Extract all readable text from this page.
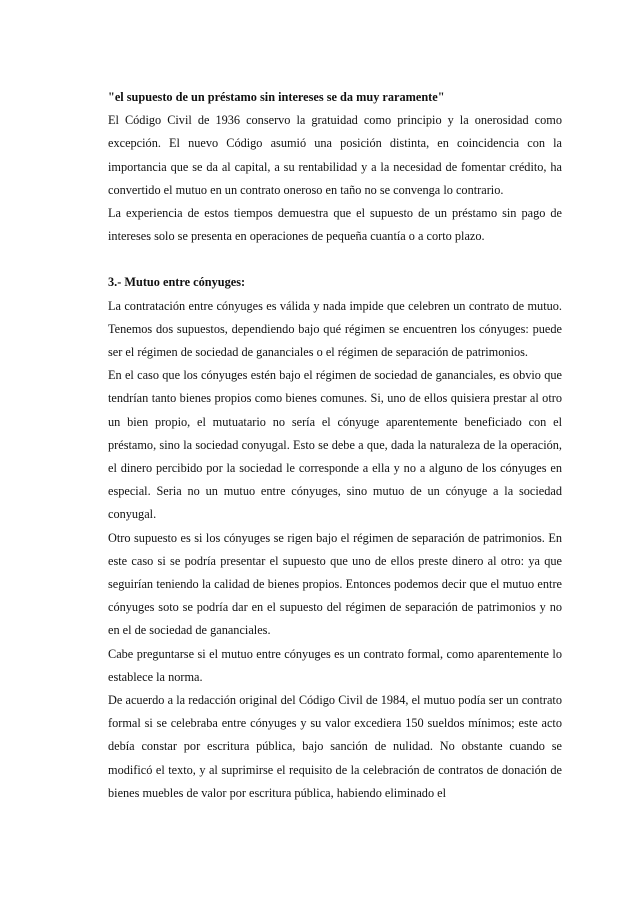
"el supuesto de un préstamo sin intereses se da muy raramente"

El Código Civil de 1936 conservo la gratuidad como principio y la onerosidad como excepción. El nuevo Código asumió una posición distinta, en coincidencia con la importancia que se da al capital, a su rentabilidad y a la necesidad de fomentar crédito, ha convertido el mutuo en un contrato oneroso en taño no se convenga lo contrario.

La experiencia de estos tiempos demuestra que el supuesto de un préstamo sin pago de intereses solo se presenta en operaciones de pequeña cuantía o a corto plazo.

3.- Mutuo entre cónyuges:

La contratación entre cónyuges es válida y nada impide que celebren un contrato de mutuo. Tenemos dos supuestos, dependiendo bajo qué régimen se encuentren los cónyuges: puede ser el régimen de sociedad de gananciales o el régimen de separación de patrimonios.

En el caso que los cónyuges estén bajo el régimen de sociedad de gananciales, es obvio que tendrían tanto bienes propios como bienes comunes. Si, uno de ellos quisiera prestar al otro un bien propio, el mutuatario no sería el cónyuge aparentemente beneficiado con el préstamo, sino la sociedad conyugal. Esto se debe a que, dada la naturaleza de la operación, el dinero percibido por la sociedad le corresponde a ella y no a alguno de los cónyuges en especial. Seria no un mutuo entre cónyuges, sino mutuo de un cónyuge a la sociedad conyugal.

Otro supuesto es si los cónyuges se rigen bajo el régimen de separación de patrimonios. En este caso si se podría presentar el supuesto que uno de ellos preste dinero al otro: ya que seguirían teniendo la calidad de bienes propios. Entonces podemos decir que el mutuo entre cónyuges soto se podría dar en el supuesto del régimen de separación de patrimonios y no en el de sociedad de gananciales.

Cabe preguntarse si el mutuo entre cónyuges es un contrato formal, como aparentemente lo establece la norma.

De acuerdo a la redacción original del Código Civil de 1984, el mutuo podía ser un contrato formal si se celebraba entre cónyuges y su valor excediera 150 sueldos mínimos; este acto debía constar por escritura pública, bajo sanción de nulidad. No obstante cuando se modificó el texto, y al suprimirse el requisito de la celebración de contratos de donación de bienes muebles de valor por escritura pública, habiendo eliminado el
